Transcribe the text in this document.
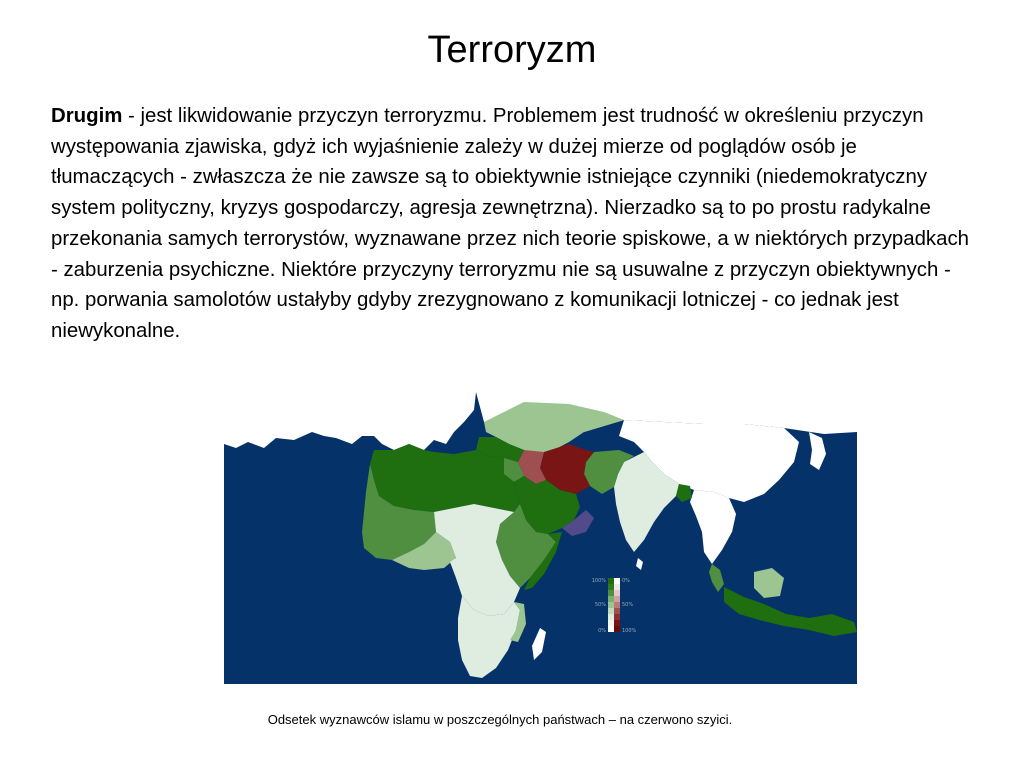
Terroryzm
Drugim - jest likwidowanie przyczyn terroryzmu. Problemem jest trudność w określeniu przyczyn występowania zjawiska, gdyż ich wyjaśnienie zależy w dużej mierze od poglądów osób je tłumaczących - zwłaszcza że nie zawsze są to obiektywnie istniejące czynniki (niedemokratyczny system polityczny, kryzys gospodarczy, agresja zewnętrzna). Nierzadko są to po prostu radykalne przekonania samych terrorystów, wyznawane przez nich teorie spiskowe, a w niektórych przypadkach - zaburzenia psychiczne. Niektóre przyczyny terroryzmu nie są usuwalne z przyczyn obiektywnych - np. porwania samolotów ustałyby gdyby zrezygnowano z komunikacji lotniczej - co jednak jest niewykonalne.
100%
50%
0%
0%
50%
100%
Odsetek wyznawców islamu w poszczególnych państwach – na czerwono szyici.
